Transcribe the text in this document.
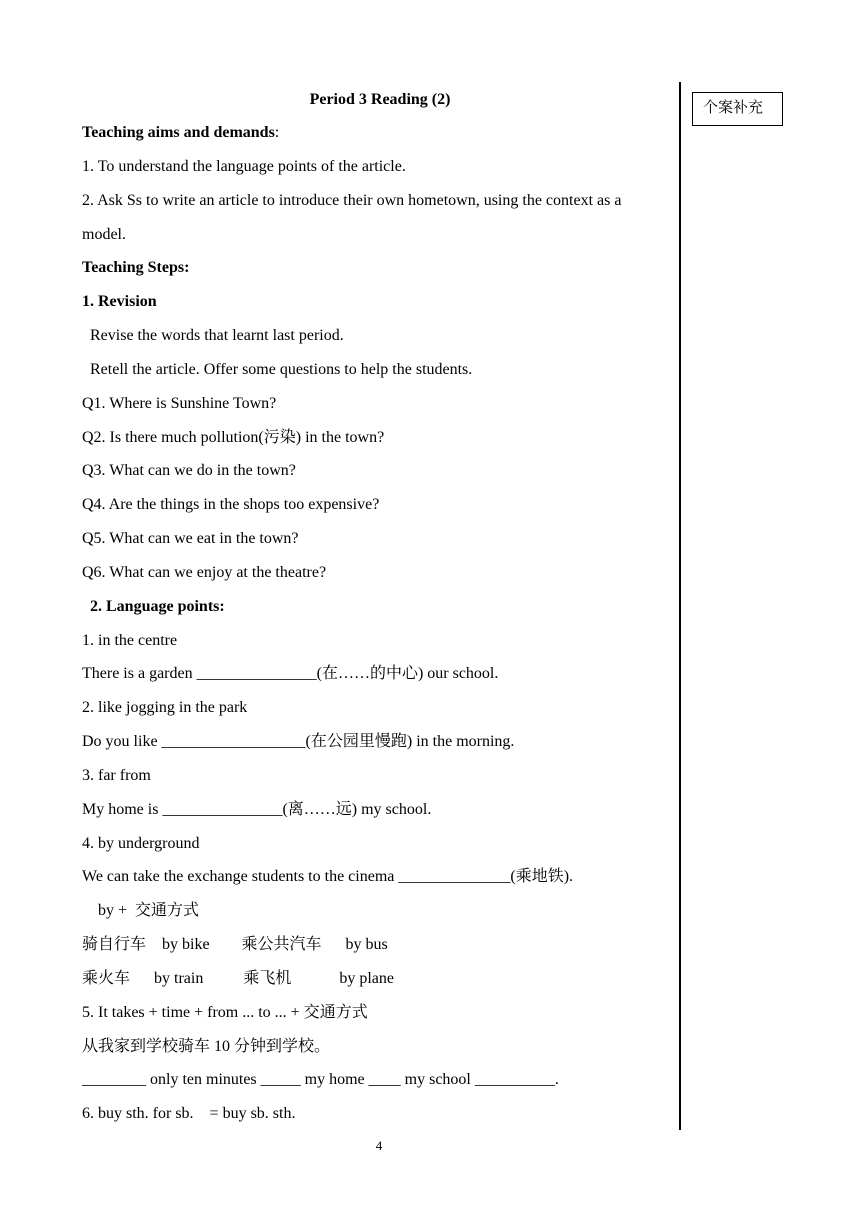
Period 3 Reading (2)	个案补充
Teaching aims and demands:
1. To understand the language points of the article.
2. Ask Ss to write an article to introduce their own hometown, using the context as a
model.
Teaching Steps:
1. Revision
Revise the words that learnt last period.
Retell the article. Offer some questions to help the students.
Q1. Where is Sunshine Town?
Q2. Is there much pollution(污染) in the town?
Q3. What can we do in the town?
Q4. Are the things in the shops too expensive?
Q5. What can we eat in the town?
Q6. What can we enjoy at the theatre?
2. Language points:
1. in the centre
There is a garden _______________(在……的中心) our school.
2. like jogging in the park
Do you like __________________(在公园里慢跑) in the morning.
3. far from
My home is _______________(离……远) my school.
4. by underground
We can take the exchange students to the cinema ______________(乘地铁).
by +  交通方式
骑自行车    by bike        乘公共汽车      by bus
乘火车      by train          乘飞机            by plane
5. It takes + time + from ... to ... + 交通方式
从我家到学校骑车 10 分钟到学校。
________ only ten minutes _____ my home ____ my school __________.
6. buy sth. for sb.    = buy sb. sth.
4
